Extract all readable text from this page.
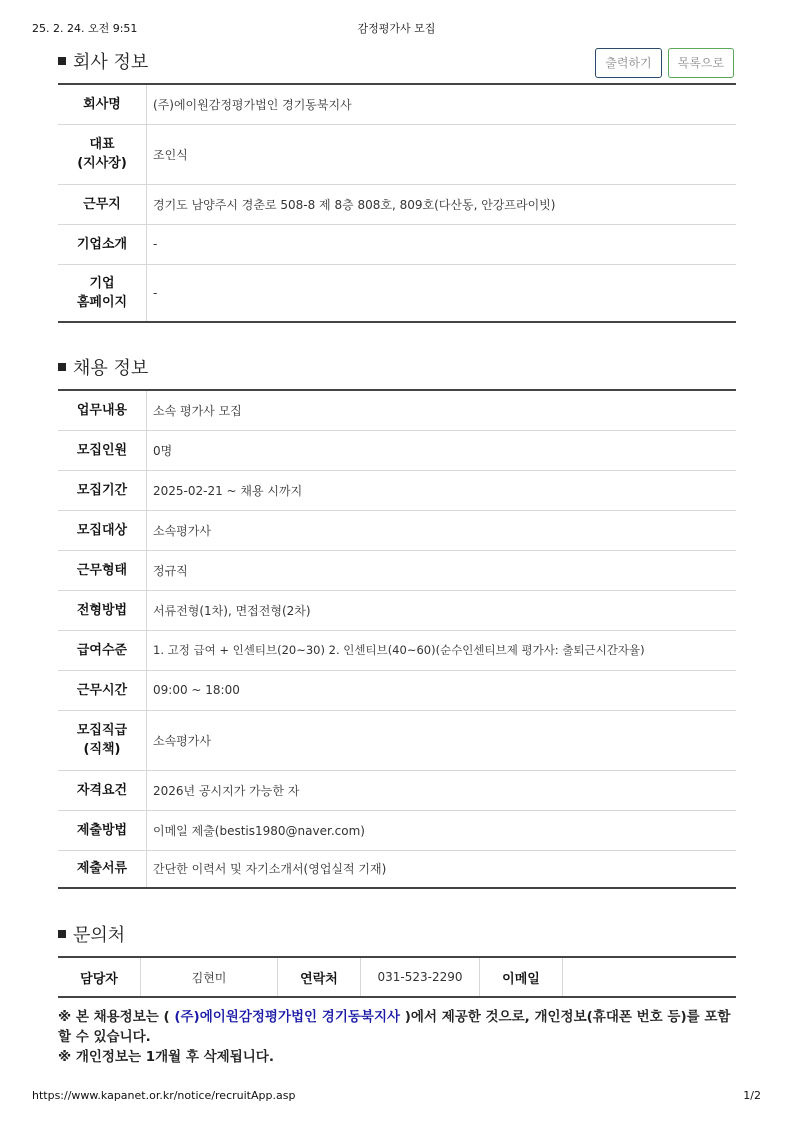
25. 2. 24. 오전 9:51	감정평가사 모집
회사 정보	출력하기 목록으로
회사명	(주)에이원감정평가법인 경기동북지사
대표
(지사장)	조인식
근무지	경기도 남양주시 경춘로 508-8 제 8층 808호, 809호(다산동, 안강프라이빗)
기업소개	-
기업
홈페이지	-
채용 정보
업무내용	소속 평가사 모집
모집인원	0명
모집기간	2025-02-21 ~ 채용 시까지
모집대상	소속평가사
근무형태	정규직
전형방법	서류전형(1차), 면접전형(2차)
급여수준	1. 고정 급여 + 인센티브(20~30) 2. 인센티브(40~60)(순수인센티브제 평가사: 출퇴근시간자율)
근무시간	09:00 ~ 18:00
모집직급
(직책)	소속평가사
자격요건	2026년 공시지가 가능한 자
제출방법	이메일 제출(bestis1980@naver.com)
제출서류	간단한 이력서 및 자기소개서(영업실적 기재)
문의처
담당자	김현미	연락처	031-523-2290	이메일	
※ 본 채용정보는 ( (주)에이원감정평가법인 경기동북지사 )에서 제공한 것으로, 개인정보(휴대폰 번호 등)를 포함할 수 있습니다.
※ 개인정보는 1개월 후 삭제됩니다.
https://www.kapanet.or.kr/notice/recruitApp.asp	1/2
